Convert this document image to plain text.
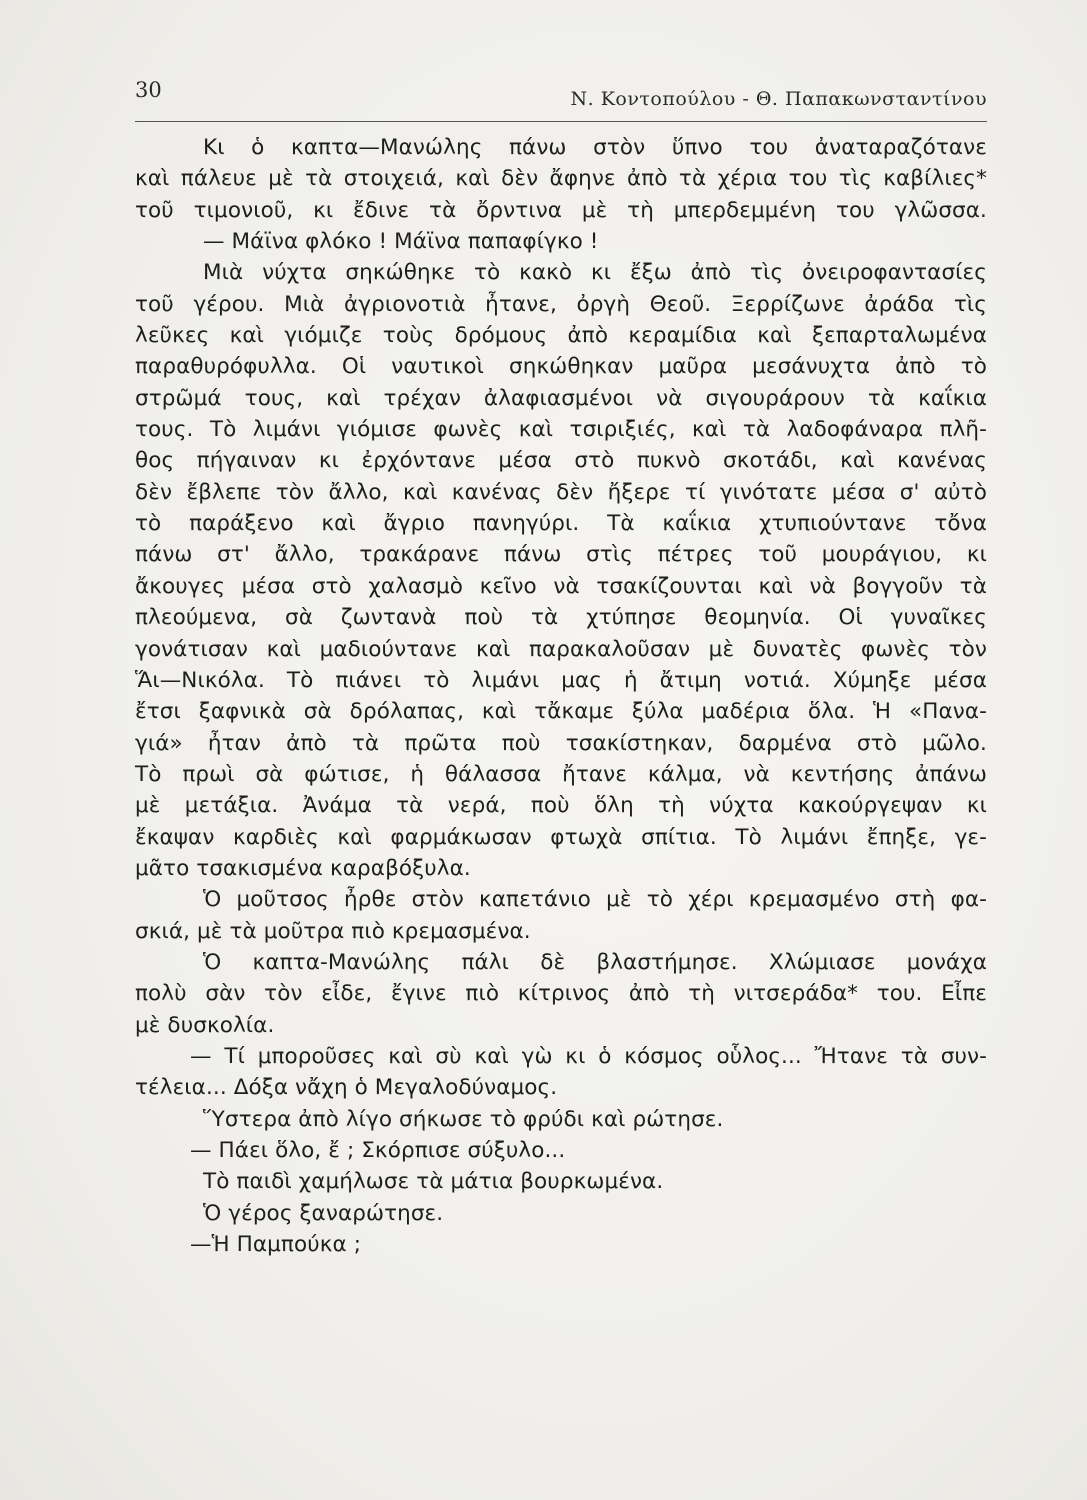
30	Ν. Κοντοπούλου - Θ. Παπακωνσταντίνου
Κι ὁ καπτα—Μανώλης πάνω στὸν ὕπνο του ἀναταραζότανε
καὶ πάλευε μὲ τὰ στοιχειά, καὶ δὲν ἄφηνε ἀπὸ τὰ χέρια του τὶς καβίλιες*
τοῦ τιμονιοῦ, κι ἔδινε τὰ ὄρντινα μὲ τὴ μπερδεμμένη του γλῶσσα.
— Μάϊνα φλόκο ! Μάϊνα παπαφίγκο !
Μιὰ νύχτα σηκώθηκε τὸ κακὸ κι ἔξω ἀπὸ τὶς ὀνειροφαντασίες
τοῦ γέρου. Μιὰ ἀγριονοτιὰ ἦτανε, ὀργὴ Θεοῦ. Ξερρίζωνε ἀράδα τὶς
λεῦκες καὶ γιόμιζε τοὺς δρόμους ἀπὸ κεραμίδια καὶ ξεπαρταλωμένα
παραθυρόφυλλα. Οἱ ναυτικοὶ σηκώθηκαν μαῦρα μεσάνυχτα ἀπὸ τὸ
στρῶμά τους, καὶ τρέχαν ἀλαφιασμένοι νὰ σιγουράρουν τὰ καΐκια
τους. Τὸ λιμάνι γιόμισε φωνὲς καὶ τσιριξιές, καὶ τὰ λαδοφάναρα πλῆ-
θος πήγαιναν κι ἐρχόντανε μέσα στὸ πυκνὸ σκοτάδι, καὶ κανένας
δὲν ἔβλεπε τὸν ἄλλο, καὶ κανένας δὲν ἤξερε τί γινότατε μέσα σ' αὐτὸ
τὸ παράξενο καὶ ἄγριο πανηγύρι. Τὰ καΐκια χτυπιούντανε τὄνα
πάνω στ' ἄλλο, τρακάρανε πάνω στὶς πέτρες τοῦ μουράγιου, κι
ἄκουγες μέσα στὸ χαλασμὸ κεῖνο νὰ τσακίζουνται καὶ νὰ βογγοῦν τὰ
πλεούμενα, σὰ ζωντανὰ ποὺ τὰ χτύπησε θεομηνία. Οἱ γυναῖκες
γονάτισαν καὶ μαδιούντανε καὶ παρακαλοῦσαν μὲ δυνατὲς φωνὲς τὸν
Ἅι—Νικόλα. Τὸ πιάνει τὸ λιμάνι μας ἡ ἄτιμη νοτιά. Χύμηξε μέσα
ἔτσι ξαφνικὰ σὰ δρόλαπας, καὶ τἄκαμε ξύλα μαδέρια ὅλα. Ἡ «Πανα-
γιά» ἦταν ἀπὸ τὰ πρῶτα ποὺ τσακίστηκαν, δαρμένα στὸ μῶλο.
Τὸ πρωὶ σὰ φώτισε, ἡ θάλασσα ἤτανε κάλμα, νὰ κεντήσης ἀπάνω
μὲ μετάξια. Ἀνάμα τὰ νερά, ποὺ ὅλη τὴ νύχτα κακούργεψαν κι
ἔκαψαν καρδιὲς καὶ φαρμάκωσαν φτωχὰ σπίτια. Τὸ λιμάνι ἔπηξε, γε-
μᾶτο τσακισμένα καραβόξυλα.
Ὁ μοῦτσος ἦρθε στὸν καπετάνιο μὲ τὸ χέρι κρεμασμένο στὴ φα-
σκιά, μὲ τὰ μοῦτρα πιὸ κρεμασμένα.
Ὁ καπτα-Μανώλης πάλι δὲ βλαστήμησε. Χλώμιασε μονάχα
πολὺ σὰν τὸν εἶδε, ἔγινε πιὸ κίτρινος ἀπὸ τὴ νιτσεράδα* του. Εἶπε
μὲ δυσκολία.
— Τί μποροῦσες καὶ σὺ καὶ γὼ κι ὁ κόσμος οὗλος... Ἤτανε τὰ συν-
τέλεια... Δόξα νἄχη ὁ Μεγαλοδύναμος.
Ὕστερα ἀπὸ λίγο σήκωσε τὸ φρύδι καὶ ρώτησε.
— Πάει ὅλο, ἔ ; Σκόρπισε σύξυλο...
Τὸ παιδὶ χαμήλωσε τὰ μάτια βουρκωμένα.
Ὁ γέρος ξαναρώτησε.
—Ἡ Παμπούκα ;
